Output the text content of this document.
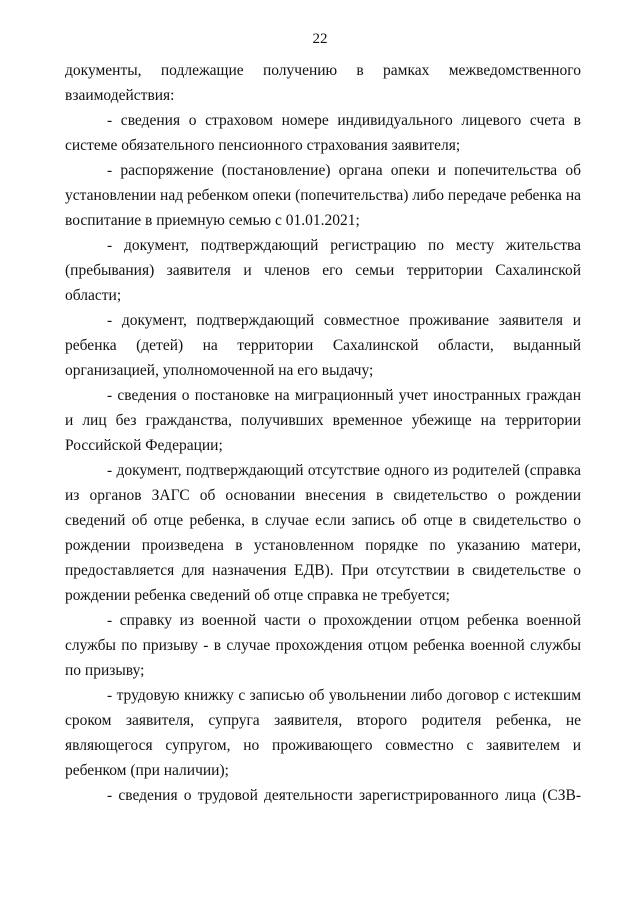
22

документы, подлежащие получению в рамках межведомственного взаимодействия:

- сведения о страховом номере индивидуального лицевого счета в системе обязательного пенсионного страхования заявителя;

- распоряжение (постановление) органа опеки и попечительства об установлении над ребенком опеки (попечительства) либо передаче ребенка на воспитание в приемную семью с 01.01.2021;

- документ, подтверждающий регистрацию по месту жительства (пребывания) заявителя и членов его семьи территории Сахалинской области;

- документ, подтверждающий совместное проживание заявителя и ребенка (детей) на территории Сахалинской области, выданный организацией, уполномоченной на его выдачу;

- сведения о постановке на миграционный учет иностранных граждан и лиц без гражданства, получивших временное убежище на территории Российской Федерации;

- документ, подтверждающий отсутствие одного из родителей (справка из органов ЗАГС об основании внесения в свидетельство о рождении сведений об отце ребенка, в случае если запись об отце в свидетельство о рождении произведена в установленном порядке по указанию матери, предоставляется для назначения ЕДВ). При отсутствии в свидетельстве о рождении ребенка сведений об отце справка не требуется;

- справку из военной части о прохождении отцом ребенка военной службы по призыву - в случае прохождения отцом ребенка военной службы по призыву;

- трудовую книжку с записью об увольнении либо договор с истекшим сроком заявителя, супруга заявителя, второго родителя ребенка, не являющегося супругом, но проживающего совместно с заявителем и ребенком (при наличии);

- сведения о трудовой деятельности зарегистрированного лица (СЗВ-
